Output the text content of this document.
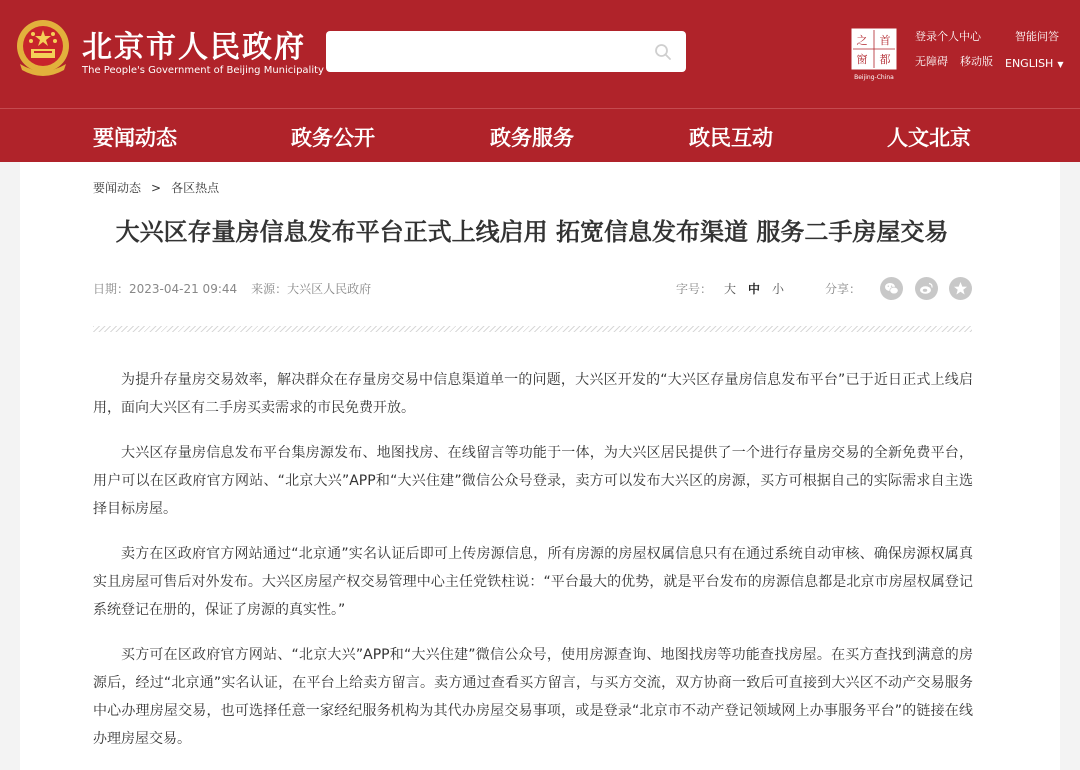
北京市人民政府
The People's Government of Beijing Municipality
之 首
窗 都
Beijing-China
登录个人中心	智能问答
无障碍 移动版 ENGLISH ▼
要闻动态	政务公开	政务服务	政民互动	人文北京
要闻动态 > 各区热点
大兴区存量房信息发布平台正式上线启用 拓宽信息发布渠道 服务二手房屋交易
日期：2023-04-21 09:44 来源：大兴区人民政府	字号： 大 中 小	分享：

为提升存量房交易效率，解决群众在存量房交易中信息渠道单一的问题，大兴区开发的“大兴区存量房信息发布平台”已于近日正式上线启用，面向大兴区有二手房买卖需求的市民免费开放。

大兴区存量房信息发布平台集房源发布、地图找房、在线留言等功能于一体，为大兴区居民提供了一个进行存量房交易的全新免费平台，用户可以在区政府官方网站、“北京大兴”APP和“大兴住建”微信公众号登录，卖方可以发布大兴区的房源，买方可根据自己的实际需求自主选择目标房屋。

卖方在区政府官方网站通过“北京通”实名认证后即可上传房源信息，所有房源的房屋权属信息只有在通过系统自动审核、确保房源权属真实且房屋可售后对外发布。大兴区房屋产权交易管理中心主任党铁柱说：“平台最大的优势，就是平台发布的房源信息都是北京市房屋权属登记系统登记在册的，保证了房源的真实性。”

买方可在区政府官方网站、“北京大兴”APP和“大兴住建”微信公众号，使用房源查询、地图找房等功能查找房屋。在买方查找到满意的房源后，经过“北京通”实名认证，在平台上给卖方留言。卖方通过查看买方留言，与买方交流，双方协商一致后可直接到大兴区不动产交易服务中心办理房屋交易，也可选择任意一家经纪服务机构为其代办房屋交易事项，或是登录“北京市不动产登记领域网上办事服务平台”的链接在线办理房屋交易。
